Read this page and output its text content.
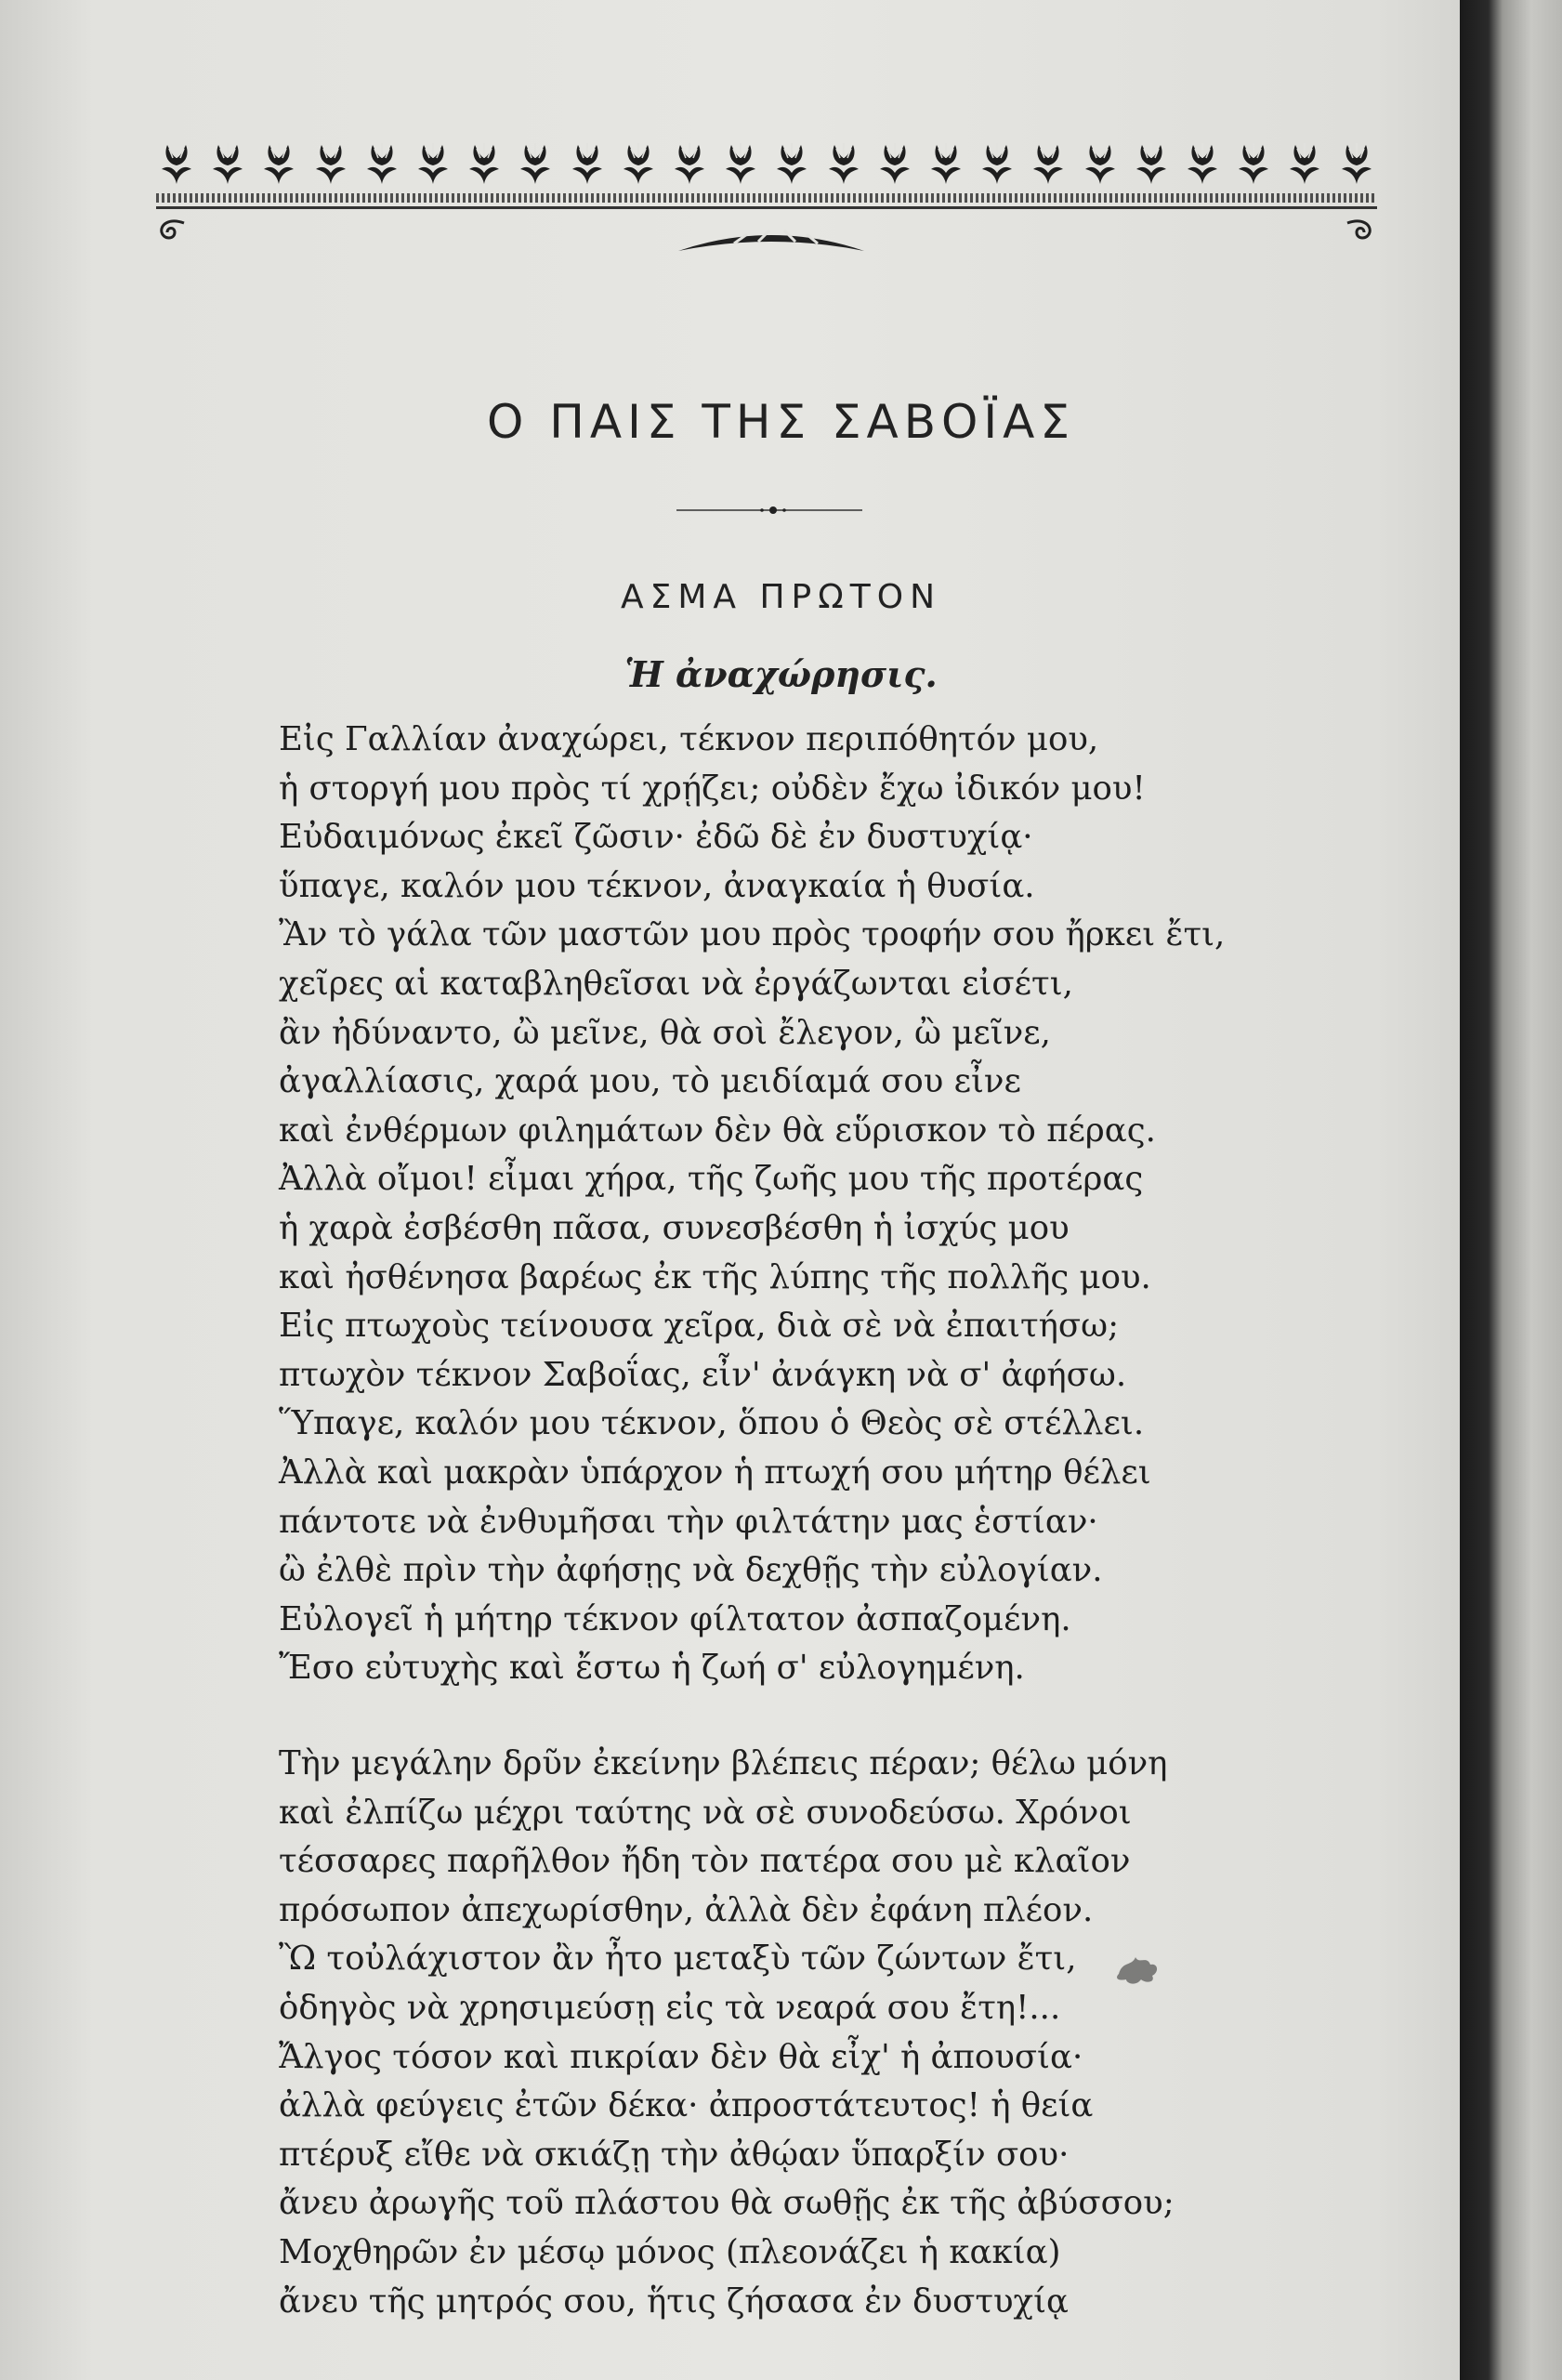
Ο ΠΑΙΣ ΤΗΣ ΣΑΒΟΪΑΣ
ΑΣΜΑ ΠΡΩΤΟΝ
Ἡ ἀναχώρησις.
Εἰς Γαλλίαν ἀναχώρει, τέκνον περιπόθητόν μου,
ἡ στοργή μου πρὸς τί χρῄζει; οὐδὲν ἔχω ἰδικόν μου!
Εὐδαιμόνως ἐκεῖ ζῶσιν· ἐδῶ δὲ ἐν δυστυχίᾳ·
ὕπαγε, καλόν μου τέκνον, ἀναγκαία ἡ θυσία.
Ἂν τὸ γάλα τῶν μαστῶν μου πρὸς τροφήν σου ἤρκει ἔτι,
χεῖρες αἱ καταβληθεῖσαι νὰ ἐργάζωνται εἰσέτι,
ἂν ἠδύναντο, ὢ μεῖνε, θὰ σοὶ ἔλεγον, ὢ μεῖνε,
ἀγαλλίασις, χαρά μου, τὸ μειδίαμά σου εἶνε
καὶ ἐνθέρμων φιλημάτων δὲν θὰ εὕρισκον τὸ πέρας.
Ἀλλὰ οἴμοι! εἶμαι χήρα, τῆς ζωῆς μου τῆς προτέρας
ἡ χαρὰ ἐσβέσθη πᾶσα, συνεσβέσθη ἡ ἰσχύς μου
καὶ ἠσθένησα βαρέως ἐκ τῆς λύπης τῆς πολλῆς μου.
Εἰς πτωχοὺς τείνουσα χεῖρα, διὰ σὲ νὰ ἐπαιτήσω;
πτωχὸν τέκνον Σαβοΐας, εἶν' ἀνάγκη νὰ σ' ἀφήσω.
Ὕπαγε, καλόν μου τέκνον, ὅπου ὁ Θεὸς σὲ στέλλει.
Ἀλλὰ καὶ μακρὰν ὑπάρχον ἡ πτωχή σου μήτηρ θέλει
πάντοτε νὰ ἐνθυμῆσαι τὴν φιλτάτην μας ἑστίαν·
ὢ ἐλθὲ πρὶν τὴν ἀφήσῃς νὰ δεχθῇς τὴν εὐλογίαν.
Εὐλογεῖ ἡ μήτηρ τέκνον φίλτατον ἀσπαζομένη.
Ἔσο εὐτυχὴς καὶ ἔστω ἡ ζωή σ' εὐλογημένη.
Τὴν μεγάλην δρῦν ἐκείνην βλέπεις πέραν; θέλω μόνη
καὶ ἐλπίζω μέχρι ταύτης νὰ σὲ συνοδεύσω. Χρόνοι
τέσσαρες παρῆλθον ἤδη τὸν πατέρα σου μὲ κλαῖον
πρόσωπον ἀπεχωρίσθην, ἀλλὰ δὲν ἐφάνη πλέον.
Ὢ τοὐλάχιστον ἂν ἦτο μεταξὺ τῶν ζώντων ἔτι,
ὁδηγὸς νὰ χρησιμεύσῃ εἰς τὰ νεαρά σου ἔτη!...
Ἄλγος τόσον καὶ πικρίαν δὲν θὰ εἶχ' ἡ ἀπουσία·
ἀλλὰ φεύγεις ἐτῶν δέκα· ἀπροστάτευτος! ἡ θεία
πτέρυξ εἴθε νὰ σκιάζῃ τὴν ἀθῴαν ὕπαρξίν σου·
ἄνευ ἀρωγῆς τοῦ πλάστου θὰ σωθῇς ἐκ τῆς ἀβύσσου;
Μοχθηρῶν ἐν μέσῳ μόνος (πλεονάζει ἡ κακία)
ἄνευ τῆς μητρός σου, ἥτις ζήσασα ἐν δυστυχίᾳ
